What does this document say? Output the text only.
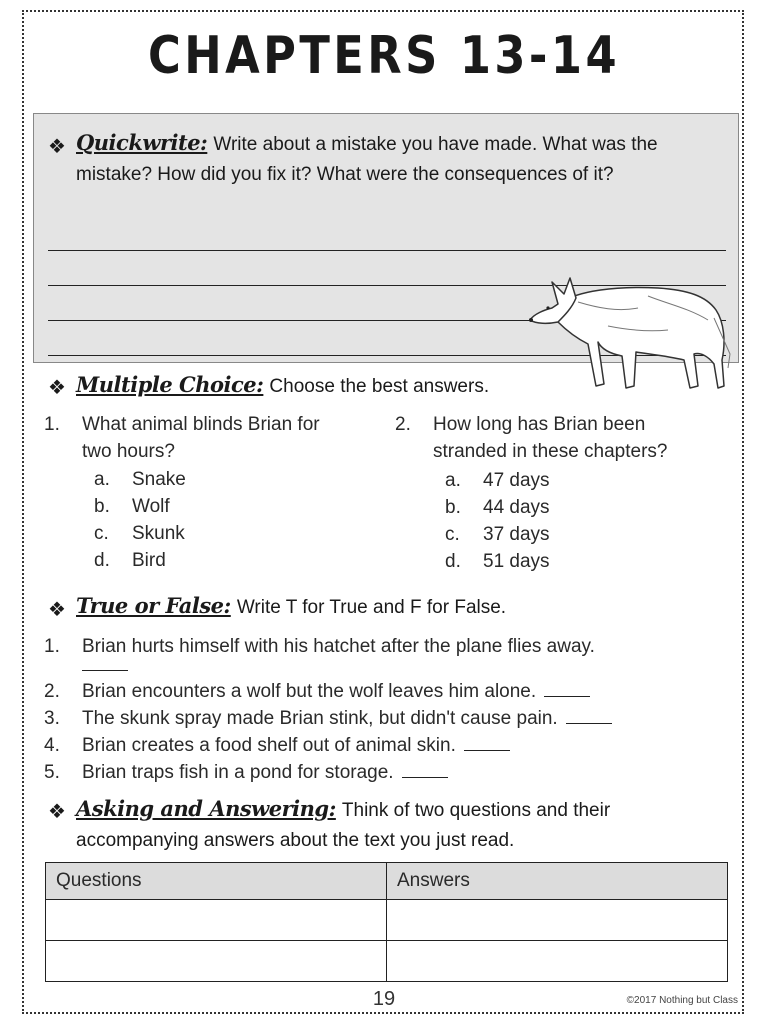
CHAPTERS 13-14
❖ Quickwrite: Write about a mistake you have made. What was the
mistake? How did you fix it? What were the consequences of it?
❖ Multiple Choice: Choose the best answers.
1. What animal blinds Brian for
two hours?
a. Snake
b. Wolf
c. Skunk
d. Bird
2. How long has Brian been
stranded in these chapters?
a. 47 days
b. 44 days
c. 37 days
d. 51 days
❖ True or False: Write T for True and F for False.
1. Brian hurts himself with his hatchet after the plane flies away.
2. Brian encounters a wolf but the wolf leaves him alone.
3. The skunk spray made Brian stink, but didn't cause pain.
4. Brian creates a food shelf out of animal skin.
5. Brian traps fish in a pond for storage.
❖ Asking and Answering: Think of two questions and their
accompanying answers about the text you just read.
Questions	Answers

19	©2017 Nothing but Class
